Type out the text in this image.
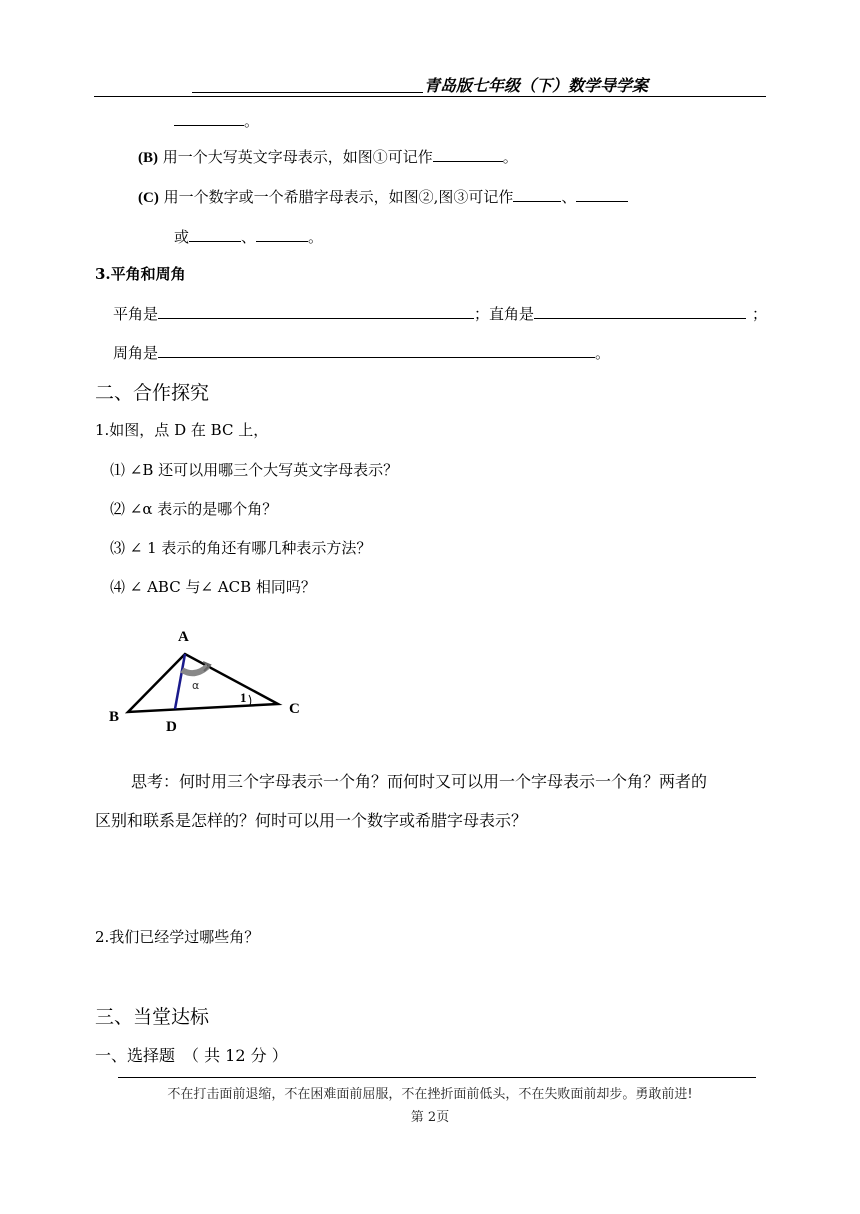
青岛版七年级（下）数学导学案
。
(B) 用一个大写英文字母表示，如图①可记作	。
(C) 用一个数字或一个希腊字母表示，如图②,图③可记作	、
或	、	。
3.平角和周角
平角是	；直角是	；
周角是	。
二、合作探究
1.如图，点 D 在 BC 上，
⑴ ∠B 还可以用哪三个大写英文字母表示？
⑵ ∠α 表示的是哪个角？
⑶ ∠ 1 表示的角还有哪几种表示方法？
⑷ ∠ ABC 与∠ ACB 相同吗？
A
B	C
D
α
1
思考：何时用三个字母表示一个角？而何时又可以用一个字母表示一个角？两者的
区别和联系是怎样的？何时可以用一个数字或希腊字母表示？
2.我们已经学过哪些角？
三、当堂达标
一、选择题　（ 共 12 分 ）
不在打击面前退缩，不在困难面前屈服，不在挫折面前低头，不在失败面前却步。勇敢前进!
第 2页
